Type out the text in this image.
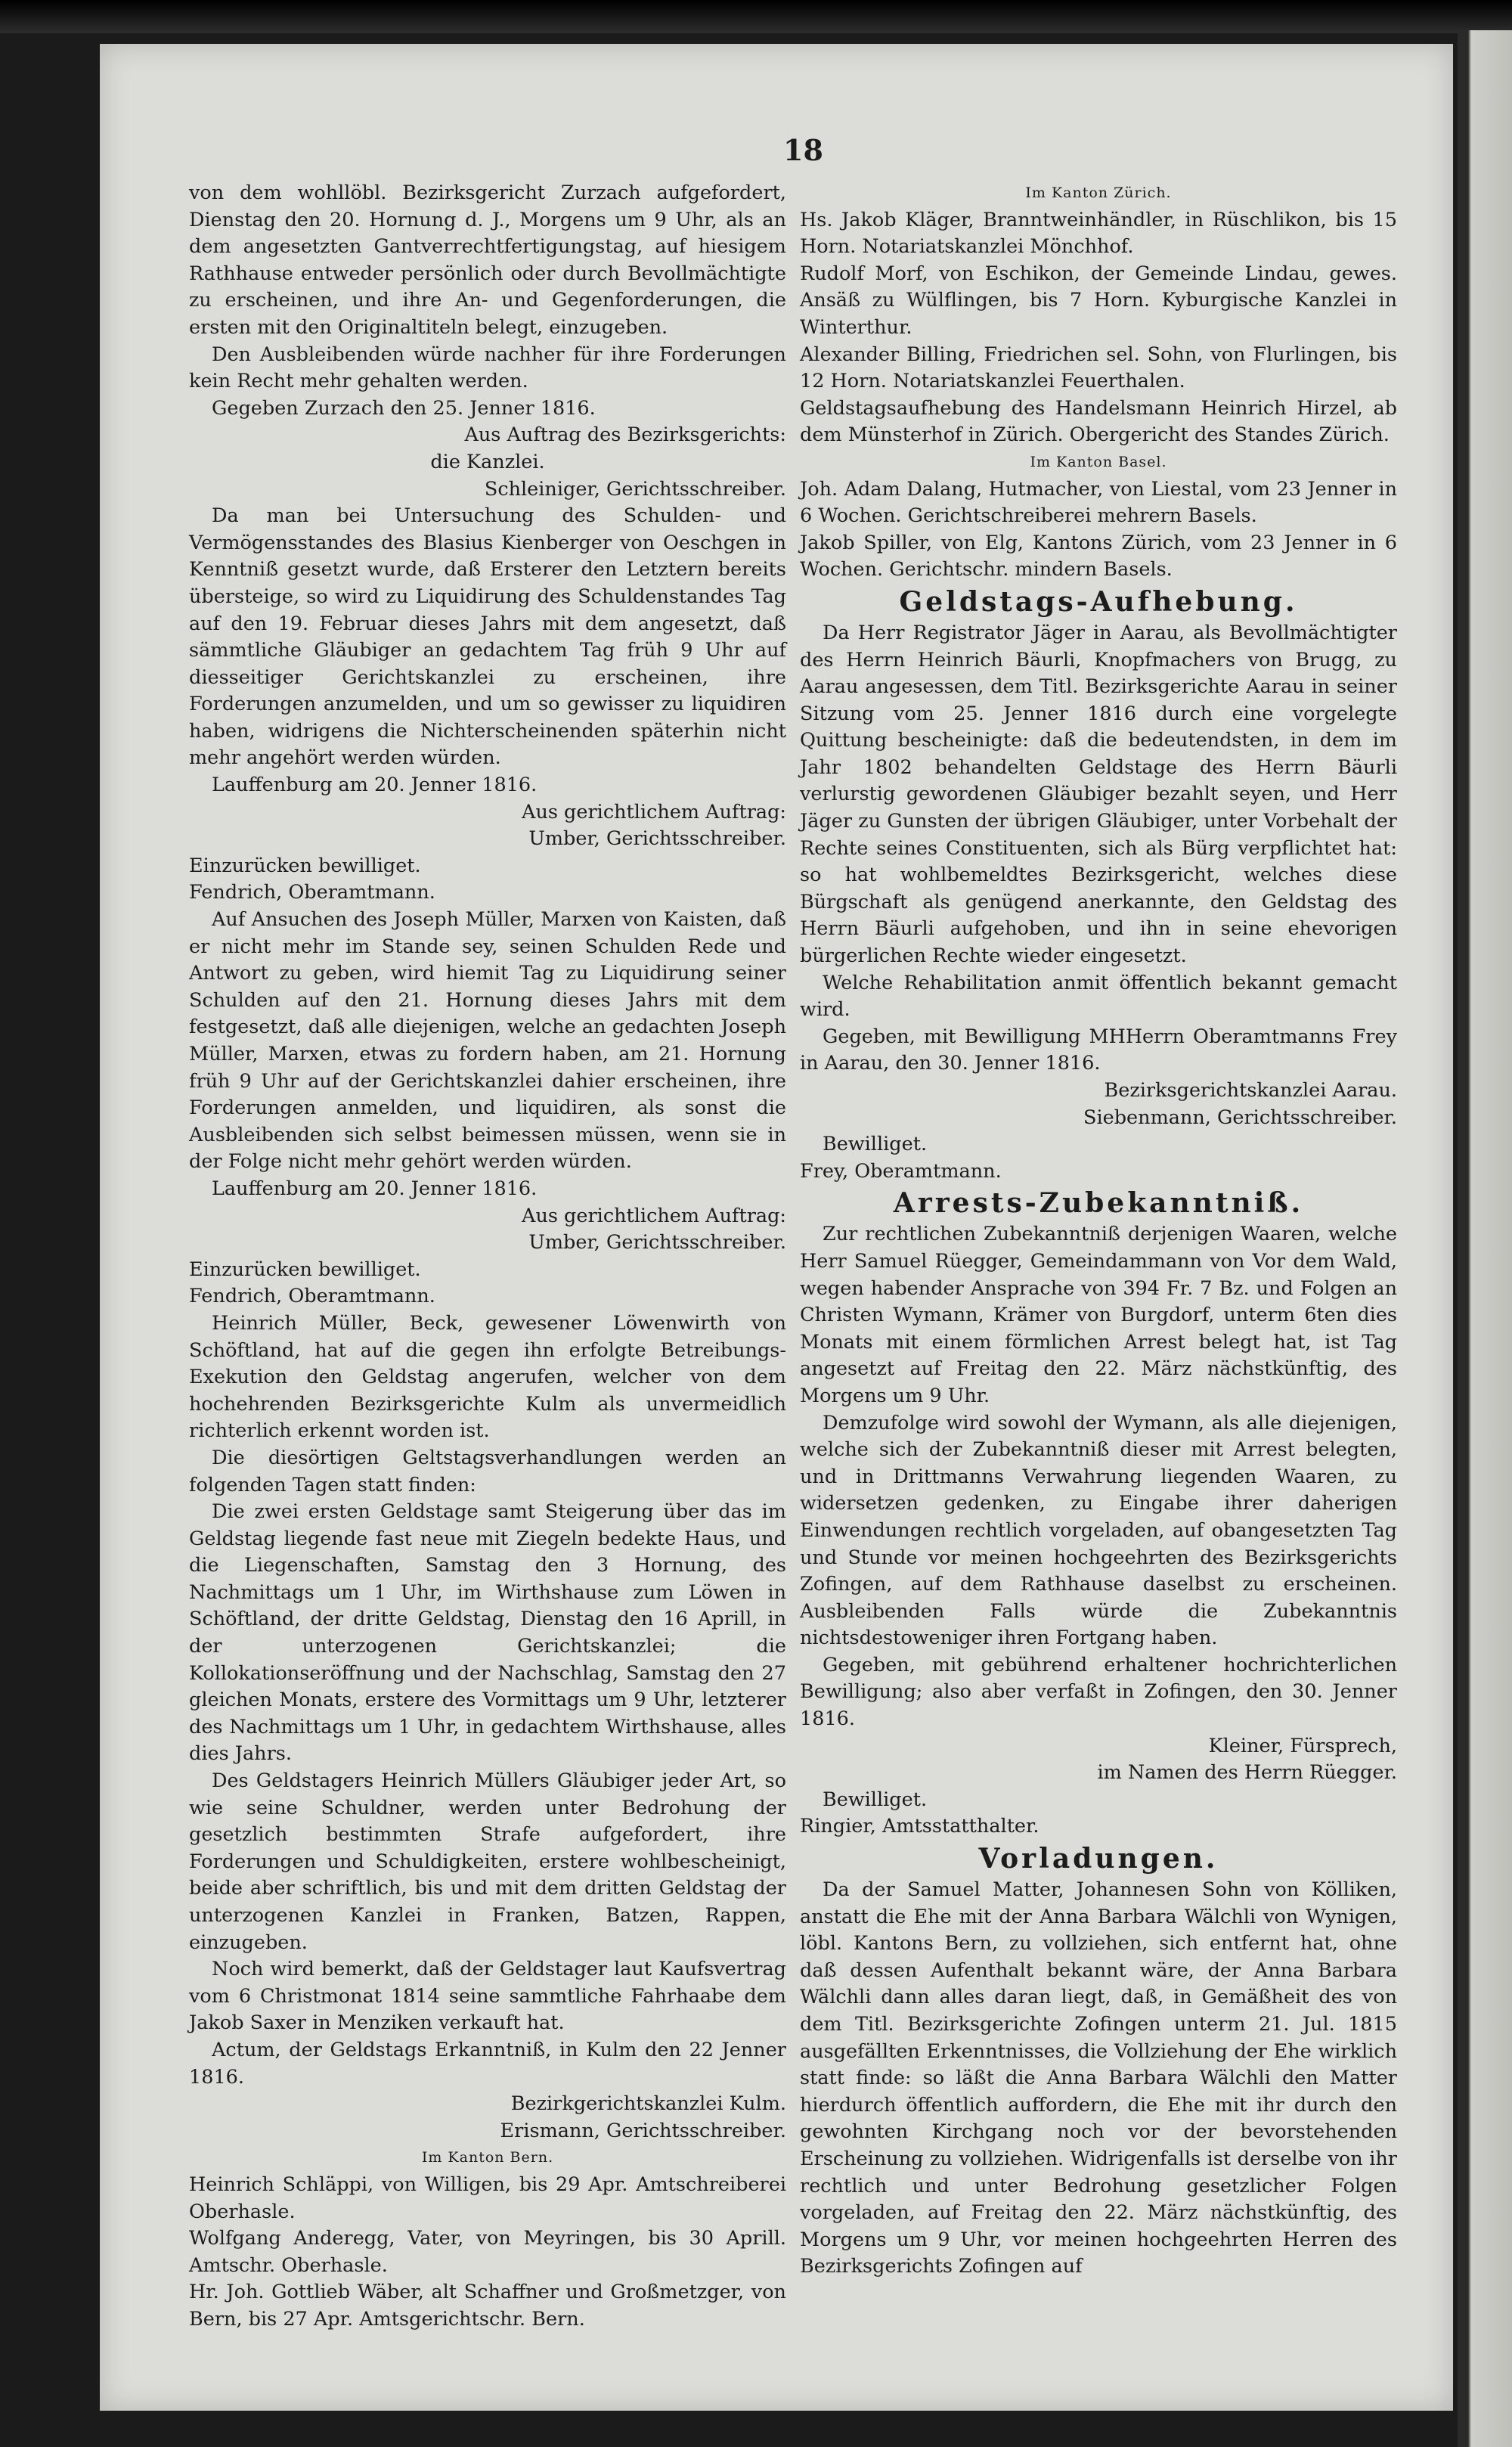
18

von dem wohllöbl. Bezirksgericht Zurzach aufgefordert, Dienstag den 20. Hornung d. J., Morgens um 9 Uhr, als an dem angesetzten Gantverrechtfertigungstag, auf hiesigem Rathhause entweder persönlich oder durch Bevollmächtigte zu erscheinen, und ihre An- und Gegenforderungen, die ersten mit den Originaltiteln belegt, einzugeben.

Den Ausbleibenden würde nachher für ihre Forderungen kein Recht mehr gehalten werden.

Gegeben Zurzach den 25. Jenner 1816.

Aus Auftrag des Bezirksgerichts:

die Kanzlei.

Schleiniger, Gerichtsschreiber.

Da man bei Untersuchung des Schulden- und Vermögensstandes des Blasius Kienberger von Oeschgen in Kenntniß gesetzt wurde, daß Ersterer den Letztern bereits übersteige, so wird zu Liquidirung des Schuldenstandes Tag auf den 19. Februar dieses Jahrs mit dem angesetzt, daß sämmtliche Gläubiger an gedachtem Tag früh 9 Uhr auf diesseitiger Gerichtskanzlei zu erscheinen, ihre Forderungen anzumelden, und um so gewisser zu liquidiren haben, widrigens die Nichterscheinenden späterhin nicht mehr angehört werden würden.

Lauffenburg am 20. Jenner 1816.

Aus gerichtlichem Auftrag:

Umber, Gerichtsschreiber.

Einzurücken bewilliget.

Fendrich, Oberamtmann.

Auf Ansuchen des Joseph Müller, Marxen von Kaisten, daß er nicht mehr im Stande sey, seinen Schulden Rede und Antwort zu geben, wird hiemit Tag zu Liquidirung seiner Schulden auf den 21. Hornung dieses Jahrs mit dem festgesetzt, daß alle diejenigen, welche an gedachten Joseph Müller, Marxen, etwas zu fordern haben, am 21. Hornung früh 9 Uhr auf der Gerichtskanzlei dahier erscheinen, ihre Forderungen anmelden, und liquidiren, als sonst die Ausbleibenden sich selbst beimessen müssen, wenn sie in der Folge nicht mehr gehört werden würden.

Lauffenburg am 20. Jenner 1816.

Aus gerichtlichem Auftrag:

Umber, Gerichtsschreiber.

Einzurücken bewilliget.

Fendrich, Oberamtmann.

Heinrich Müller, Beck, gewesener Löwenwirth von Schöftland, hat auf die gegen ihn erfolgte Betreibungs-Exekution den Geldstag angerufen, welcher von dem hochehrenden Bezirksgerichte Kulm als unvermeidlich richterlich erkennt worden ist.

Die diesörtigen Geltstagsverhandlungen werden an folgenden Tagen statt finden:

Die zwei ersten Geldstage samt Steigerung über das im Geldstag liegende fast neue mit Ziegeln bedekte Haus, und die Liegenschaften, Samstag den 3 Hornung, des Nachmittags um 1 Uhr, im Wirthshause zum Löwen in Schöftland, der dritte Geldstag, Dienstag den 16 Aprill, in der unterzogenen Gerichtskanzlei; die Kollokationseröffnung und der Nachschlag, Samstag den 27 gleichen Monats, erstere des Vormittags um 9 Uhr, letzterer des Nachmittags um 1 Uhr, in gedachtem Wirthshause, alles dies Jahrs.

Des Geldstagers Heinrich Müllers Gläubiger jeder Art, so wie seine Schuldner, werden unter Bedrohung der gesetzlich bestimmten Strafe aufgefordert, ihre Forderungen und Schuldigkeiten, erstere wohlbescheinigt, beide aber schriftlich, bis und mit dem dritten Geldstag der unterzogenen Kanzlei in Franken, Batzen, Rappen, einzugeben.

Noch wird bemerkt, daß der Geldstager laut Kaufsvertrag vom 6 Christmonat 1814 seine sammtliche Fahrhaabe dem Jakob Saxer in Menziken verkauft hat.

Actum, der Geldstags Erkanntniß, in Kulm den 22 Jenner 1816.

Bezirkgerichtskanzlei Kulm.

Erismann, Gerichtsschreiber.

Im Kanton Bern.

Heinrich Schläppi, von Willigen, bis 29 Apr. Amtschreiberei Oberhasle.

Wolfgang Anderegg, Vater, von Meyringen, bis 30 Aprill. Amtschr. Oberhasle.

Hr. Joh. Gottlieb Wäber, alt Schaffner und Großmetzger, von Bern, bis 27 Apr. Amtsgerichtschr. Bern.

Im Kanton Zürich.

Hs. Jakob Kläger, Branntweinhändler, in Rüschlikon, bis 15 Horn. Notariatskanzlei Mönchhof.

Rudolf Morf, von Eschikon, der Gemeinde Lindau, gewes. Ansäß zu Wülflingen, bis 7 Horn. Kyburgische Kanzlei in Winterthur.

Alexander Billing, Friedrichen sel. Sohn, von Flurlingen, bis 12 Horn. Notariatskanzlei Feuerthalen.

Geldstagsaufhebung des Handelsmann Heinrich Hirzel, ab dem Münsterhof in Zürich. Obergericht des Standes Zürich.

Im Kanton Basel.

Joh. Adam Dalang, Hutmacher, von Liestal, vom 23 Jenner in 6 Wochen. Gerichtschreiberei mehrern Basels.

Jakob Spiller, von Elg, Kantons Zürich, vom 23 Jenner in 6 Wochen. Gerichtschr. mindern Basels.

Geldstags-Aufhebung.

Da Herr Registrator Jäger in Aarau, als Bevollmächtigter des Herrn Heinrich Bäurli, Knopfmachers von Brugg, zu Aarau angesessen, dem Titl. Bezirksgerichte Aarau in seiner Sitzung vom 25. Jenner 1816 durch eine vorgelegte Quittung bescheinigte: daß die bedeutendsten, in dem im Jahr 1802 behandelten Geldstage des Herrn Bäurli verlurstig gewordenen Gläubiger bezahlt seyen, und Herr Jäger zu Gunsten der übrigen Gläubiger, unter Vorbehalt der Rechte seines Constituenten, sich als Bürg verpflichtet hat: so hat wohlbemeldtes Bezirksgericht, welches diese Bürgschaft als genügend anerkannte, den Geldstag des Herrn Bäurli aufgehoben, und ihn in seine ehevorigen bürgerlichen Rechte wieder eingesetzt.

Welche Rehabilitation anmit öffentlich bekannt gemacht wird.

Gegeben, mit Bewilligung MHHerrn Oberamtmanns Frey in Aarau, den 30. Jenner 1816.

Bezirksgerichtskanzlei Aarau.

Siebenmann, Gerichtsschreiber.

Bewilliget.

Frey, Oberamtmann.

Arrests-Zubekanntniß.

Zur rechtlichen Zubekanntniß derjenigen Waaren, welche Herr Samuel Rüegger, Gemeindammann von Vor dem Wald, wegen habender Ansprache von 394 Fr. 7 Bz. und Folgen an Christen Wymann, Krämer von Burgdorf, unterm 6ten dies Monats mit einem förmlichen Arrest belegt hat, ist Tag angesetzt auf Freitag den 22. März nächstkünftig, des Morgens um 9 Uhr.

Demzufolge wird sowohl der Wymann, als alle diejenigen, welche sich der Zubekanntniß dieser mit Arrest belegten, und in Drittmanns Verwahrung liegenden Waaren, zu widersetzen gedenken, zu Eingabe ihrer daherigen Einwendungen rechtlich vorgeladen, auf obangesetzten Tag und Stunde vor meinen hochgeehrten des Bezirksgerichts Zofingen, auf dem Rathhause daselbst zu erscheinen. Ausbleibenden Falls würde die Zubekanntnis nichtsdestoweniger ihren Fortgang haben.

Gegeben, mit gebührend erhaltener hochrichterlichen Bewilligung; also aber verfaßt in Zofingen, den 30. Jenner 1816.

Kleiner, Fürsprech,

im Namen des Herrn Rüegger.

Bewilliget.

Ringier, Amtsstatthalter.

Vorladungen.

Da der Samuel Matter, Johannesen Sohn von Kölliken, anstatt die Ehe mit der Anna Barbara Wälchli von Wynigen, löbl. Kantons Bern, zu vollziehen, sich entfernt hat, ohne daß dessen Aufenthalt bekannt wäre, der Anna Barbara Wälchli dann alles daran liegt, daß, in Gemäßheit des von dem Titl. Bezirksgerichte Zofingen unterm 21. Jul. 1815 ausgefällten Erkenntnisses, die Vollziehung der Ehe wirklich statt finde: so läßt die Anna Barbara Wälchli den Matter hierdurch öffentlich auffordern, die Ehe mit ihr durch den gewohnten Kirchgang noch vor der bevorstehenden Erscheinung zu vollziehen. Widrigenfalls ist derselbe von ihr rechtlich und unter Bedrohung gesetzlicher Folgen vorgeladen, auf Freitag den 22. März nächstkünftig, des Morgens um 9 Uhr, vor meinen hochgeehrten Herren des Bezirksgerichts Zofingen auf
